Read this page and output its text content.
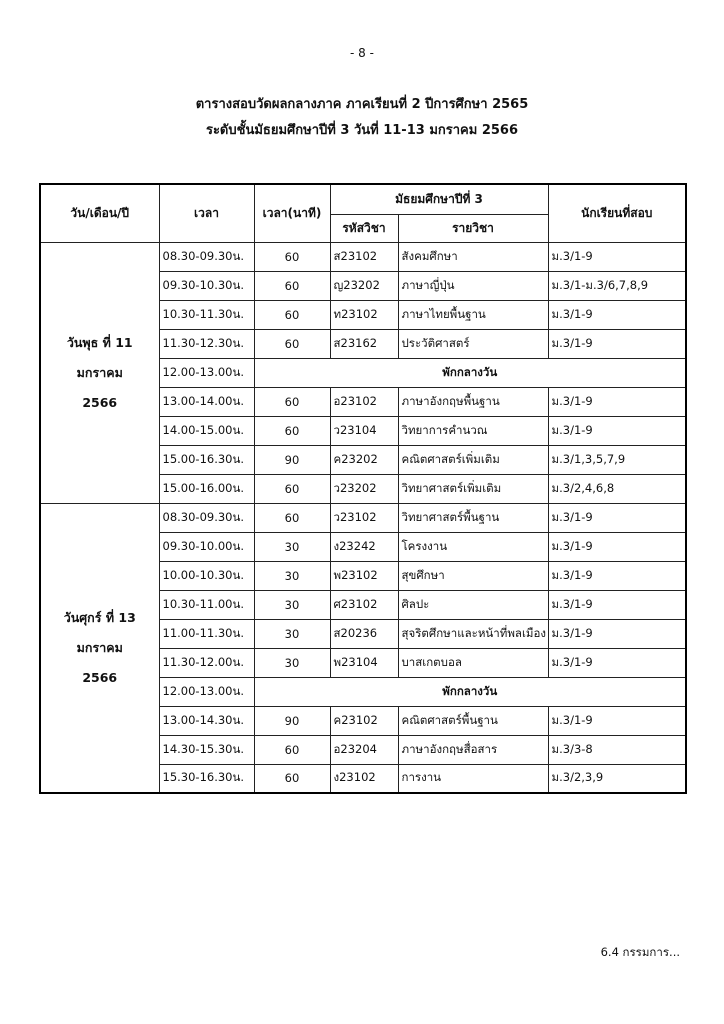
- 8 -
ตารางสอบวัดผลกลางภาค ภาคเรียนที่ 2 ปีการศึกษา 2565
ระดับชั้นมัธยมศึกษาปีที่ 3 วันที่ 11-13 มกราคม 2566
วัน/เดือน/ปี	เวลา	เวลา(นาที)	มัธยมศึกษาปีที่ 3		นักเรียนที่สอบ
			รหัสวิชา	รายวิชา	

วันพุธ ที่ 11
มกราคม
2566	08.30-09.30น.	60	ส23102	สังคมศึกษา	ม.3/1-9
	09.30-10.30น.	60	ญ23202	ภาษาญี่ปุ่น	ม.3/1-ม.3/6,7,8,9
	10.30-11.30น.	60	ท23102	ภาษาไทยพื้นฐาน	ม.3/1-9
	11.30-12.30น.	60	ส23162	ประวัติศาสตร์	ม.3/1-9
	12.00-13.00น.	พักกลางวัน			
	13.00-14.00น.	60	อ23102	ภาษาอังกฤษพื้นฐาน	ม.3/1-9
	14.00-15.00น.	60	ว23104	วิทยาการคำนวณ	ม.3/1-9
	15.00-16.30น.	90	ค23202	คณิตศาสตร์เพิ่มเติม	ม.3/1,3,5,7,9
	15.00-16.00น.	60	ว23202	วิทยาศาสตร์เพิ่มเติม	ม.3/2,4,6,8

วันศุกร์ ที่ 13
มกราคม
2566	08.30-09.30น.	60	ว23102	วิทยาศาสตร์พื้นฐาน	ม.3/1-9
	09.30-10.00น.	30	ง23242	โครงงาน	ม.3/1-9
	10.00-10.30น.	30	พ23102	สุขศึกษา	ม.3/1-9
	10.30-11.00น.	30	ศ23102	ศิลปะ	ม.3/1-9
	11.00-11.30น.	30	ส20236	สุจริตศึกษาและหน้าที่พลเมือง	ม.3/1-9
	11.30-12.00น.	30	พ23104	บาสเกตบอล	ม.3/1-9
	12.00-13.00น.	พักกลางวัน			
	13.00-14.30น.	90	ค23102	คณิตศาสตร์พื้นฐาน	ม.3/1-9
	14.30-15.30น.	60	อ23204	ภาษาอังกฤษสื่อสาร	ม.3/3-8
	15.30-16.30น.	60	ง23102	การงาน	ม.3/2,3,9
6.4 กรรมการ...
